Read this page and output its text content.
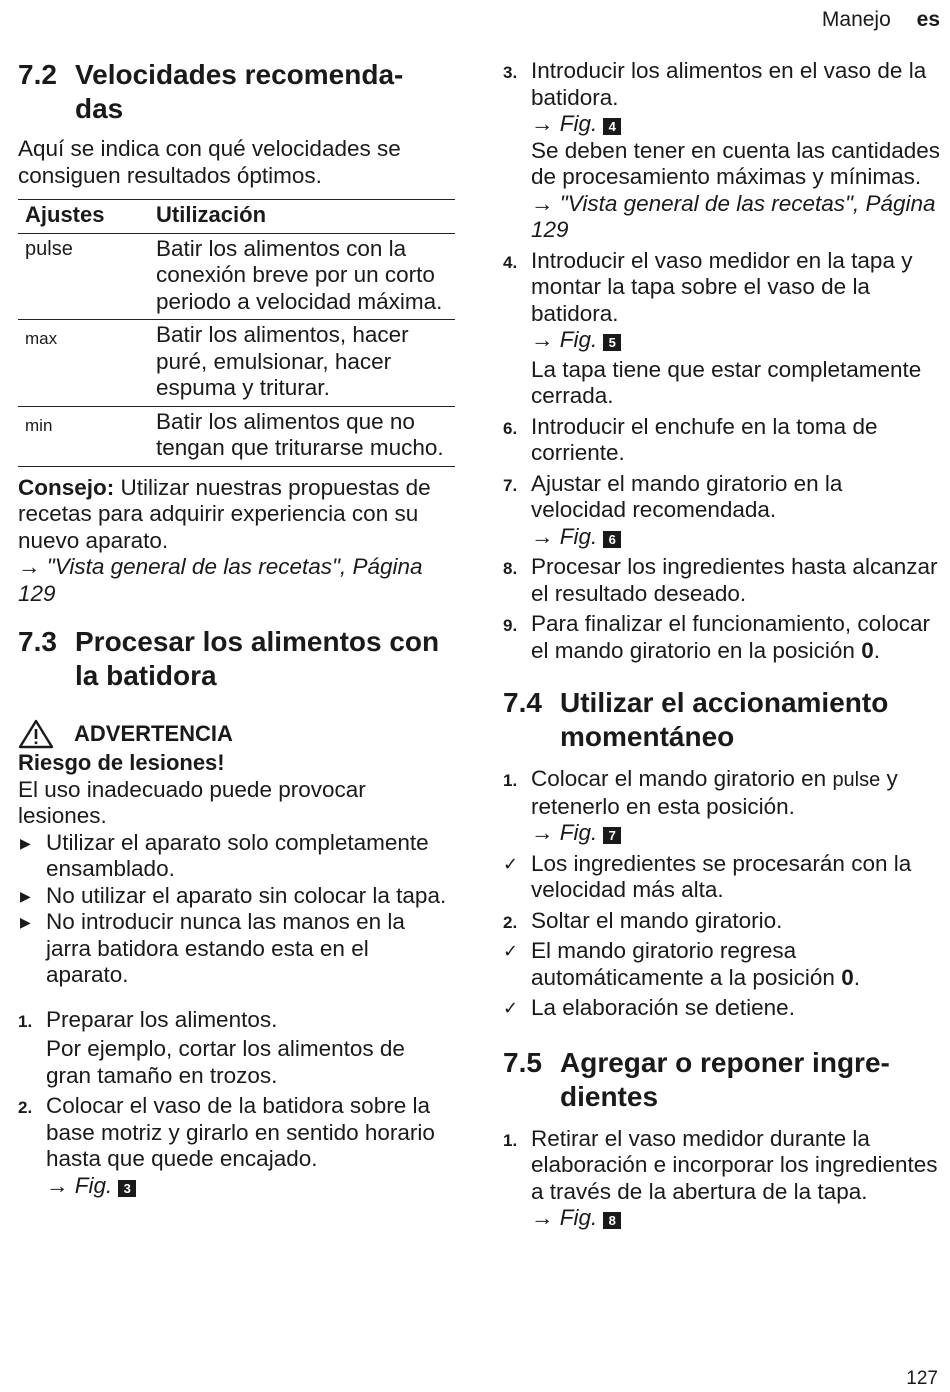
Manejo es
7.2 Velocidades recomenda-
das

Aquí se indica con qué velocidades se consiguen resultados óptimos.

Ajustes	Utilización
pulse	Batir los alimentos con la conexión breve por un corto periodo a velocidad máxima.
max	Batir los alimentos, hacer puré, emulsionar, hacer espuma y triturar.
min	Batir los alimentos que no tengan que triturarse mucho.

Consejo: Utilizar nuestras propuestas de recetas para adquirir experiencia con su nuevo aparato.

→ "Vista general de las recetas", Página 129

7.3 Procesar los alimentos con la batidora
ADVERTENCIA
Riesgo de lesiones!

El uso inadecuado puede provocar lesiones.

▶ Utilizar el aparato solo completamente ensamblado.
▶ No utilizar el aparato sin colocar la tapa.
▶ No introducir nunca las manos en la jarra batidora estando esta en el aparato.
1. Preparar los alimentos.

Por ejemplo, cortar los alimentos de gran tamaño en trozos.

2. Colocar el vaso de la batidora sobre la base motriz y girarlo en sentido horario hasta que quede encajado.
→ Fig. 3
3. Introducir los alimentos en el vaso de la batidora.
→ Fig. 4

Se deben tener en cuenta las cantidades de procesamiento máximas y mínimas.

→ "Vista general de las recetas", Página 129

4. Introducir el vaso medidor en la tapa y montar la tapa sobre el vaso de la batidora.
→ Fig. 5

La tapa tiene que estar completamente cerrada.

6. Introducir el enchufe en la toma de corriente.
7. Ajustar el mando giratorio en la velocidad recomendada.
→ Fig. 6
8. Procesar los ingredientes hasta alcanzar el resultado deseado.
9. Para finalizar el funcionamiento, colocar el mando giratorio en la posición 0.
7.4 Utilizar el accionamiento momentáneo
1. Colocar el mando giratorio en pulse y retenerlo en esta posición.
→ Fig. 7
✓ Los ingredientes se procesarán con la velocidad más alta.
2. Soltar el mando giratorio.
✓ El mando giratorio regresa automáticamente a la posición 0.
✓ La elaboración se detiene.
7.5 Agregar o reponer ingre-
dientes
1. Retirar el vaso medidor durante la elaboración e incorporar los ingredientes a través de la abertura de la tapa.
→ Fig. 8
127
